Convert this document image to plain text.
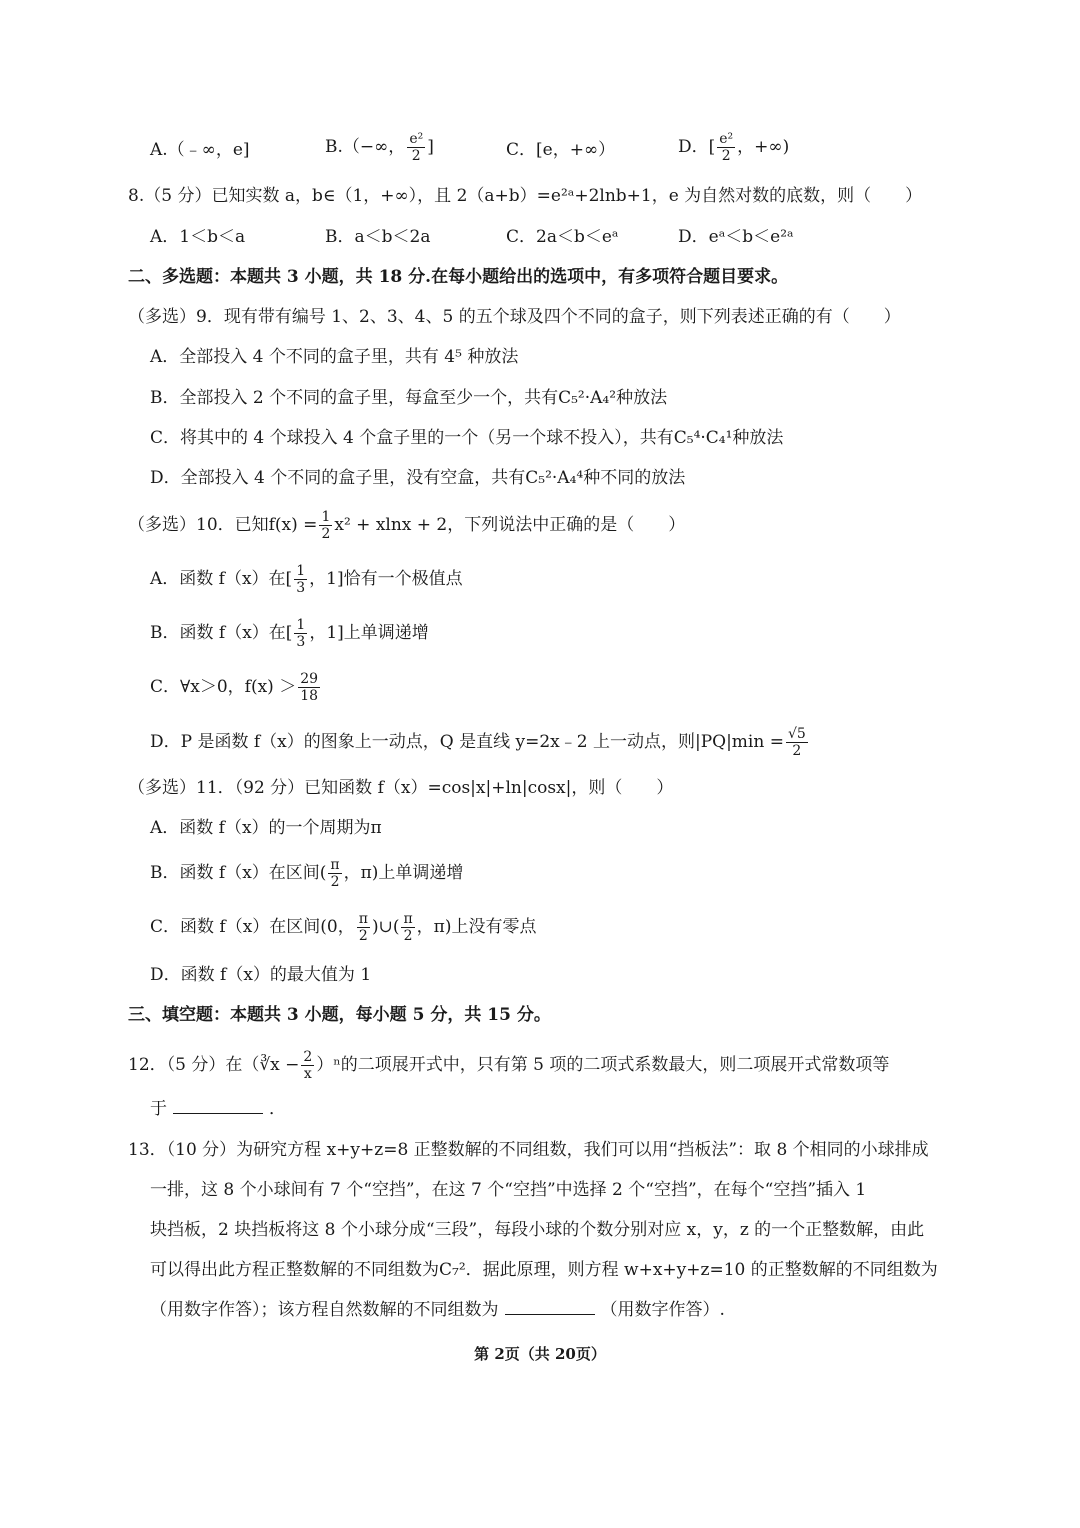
A.（﹣∞，e]	B.（−∞， $\frac{\text{e²}}{2}$ ]	C．[e，+∞）	D．[ $\frac{\text{e²}}{2}$ ，+∞)
8.（5 分）已知实数 a，b∈（1，+∞），且 2（a+b）=e²ᵃ+2lnb+1，e 为自然对数的底数，则（　　）
A．1＜b＜a	B．a＜b＜2a	C．2a＜b＜eᵃ	D．eᵃ＜b＜e²ᵃ
二、多选题：本题共 3 小题，共 18 分.在每小题给出的选项中，有多项符合题目要求。
（多选）9．现有带有编号 1、2、3、4、5 的五个球及四个不同的盒子，则下列表述正确的有（　　）
A．全部投入 4 个不同的盒子里，共有 4⁵ 种放法
B．全部投入 2 个不同的盒子里，每盒至少一个，共有C₅²·A₄²种放法
C．将其中的 4 个球投入 4 个盒子里的一个（另一个球不投入），共有C₅⁴·C₄¹种放法
D．全部投入 4 个不同的盒子里，没有空盒，共有C₅²·A₄⁴种不同的放法
（多选）10．已知$f(x) = \frac{1}{2} x^2 + xlnx + 2$，下列说法中正确的是（　　）
A．函数 f（x）在[ $\frac{1}{3}$ ，1]恰有一个极值点
B．函数 f（x）在[ $\frac{1}{3}$ ，1]上单调递增
C．∀x＞0，$f(x) > \frac{29}{18}$
D．P 是函数 f（x）的图象上一动点，Q 是直线 y=2x﹣2 上一动点，则$|PQ|\min = \frac{√5}{2}$
（多选）11．（92 分）已知函数 f（x）=cos|x|+ln|cosx|，则（　　）
A．函数 f（x）的一个周期为π
B．函数 f（x）在区间( $\frac{\pi}{2}$ ，π)上单调递增
C．函数 f（x）在区间(0， $\frac{\pi}{2}$ )∪( $\frac{\pi}{2}$ ，π)上没有零点
D．函数 f（x）的最大值为 1
三、填空题：本题共 3 小题，每小题 5 分，共 15 分。
12．（5 分）在（∛x − $\frac{2}{x} )^n$的二项展开式中，只有第 5 项的二项式系数最大，则二项展开式常数项等
于	．
13．（10 分）为研究方程 x+y+z=8 正整数解的不同组数，我们可以用“挡板法”：取 8 个相同的小球排成
一排，这 8 个小球间有 7 个“空挡”，在这 7 个“空挡”中选择 2 个“空挡”，在每个“空挡”插入 1
块挡板，2 块挡板将这 8 个小球分成“三段”，每段小球的个数分别对应 x，y，z 的一个正整数解，由此
可以得出此方程正整数解的不同组数为C₇²．据此原理，则方程 w+x+y+z=10 的正整数解的不同组数为
（用数字作答）；该方程自然数解的不同组数为	（用数字作答）.
第 2页（共 20页）
